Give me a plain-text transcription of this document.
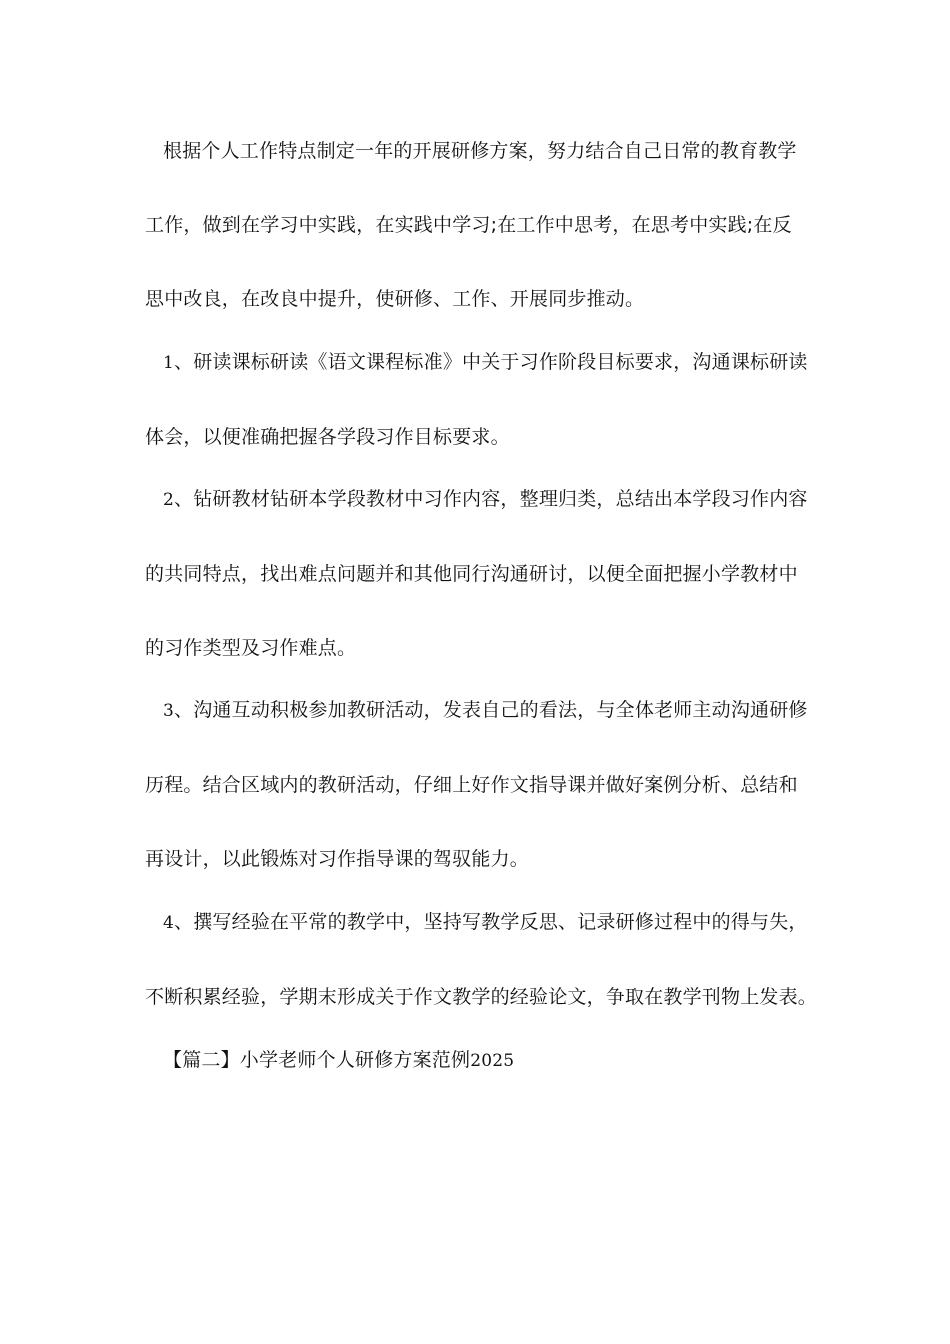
根据个人工作特点制定一年的开展研修方案，努力结合自己日常的教育教学
工作，做到在学习中实践，在实践中学习;在工作中思考，在思考中实践;在反
思中改良，在改良中提升，使研修、工作、开展同步推动。
1、研读课标研读《语文课程标准》中关于习作阶段目标要求，沟通课标研读
体会，以便准确把握各学段习作目标要求。
2、钻研教材钻研本学段教材中习作内容，整理归类，总结出本学段习作内容
的共同特点，找出难点问题并和其他同行沟通研讨，以便全面把握小学教材中
的习作类型及习作难点。
3、沟通互动积极参加教研活动，发表自己的看法，与全体老师主动沟通研修
历程。结合区域内的教研活动，仔细上好作文指导课并做好案例分析、总结和
再设计，以此锻炼对习作指导课的驾驭能力。
4、撰写经验在平常的教学中，坚持写教学反思、记录研修过程中的得与失，
不断积累经验，学期末形成关于作文教学的经验论文，争取在教学刊物上发表。
【篇二】小学老师个人研修方案范例2025
